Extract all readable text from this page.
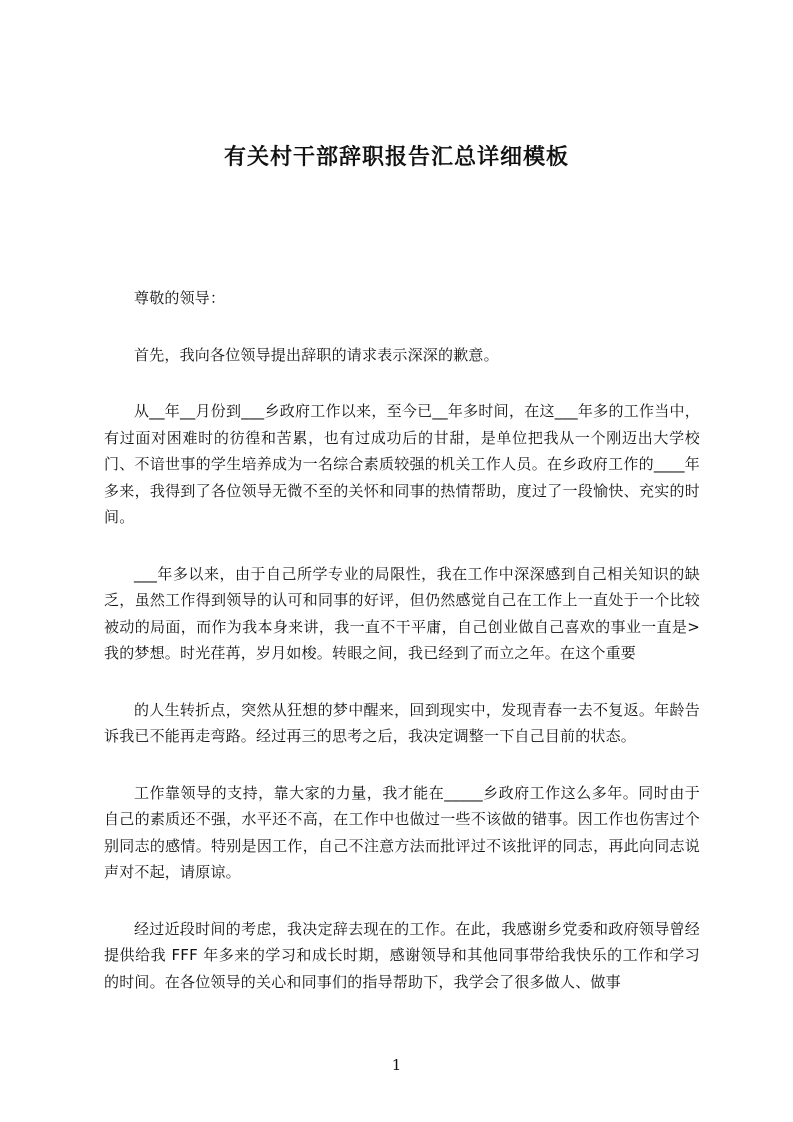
有关村干部辞职报告汇总详细模板

尊敬的领导：

首先，我向各位领导提出辞职的请求表示深深的歉意。

从__年__月份到___乡政府工作以来，至今已__年多时间，在这___年多的工作当中，有过面对困难时的彷徨和苦累，也有过成功后的甘甜，是单位把我从一个刚迈出大学校门、不谙世事的学生培养成为一名综合素质较强的机关工作人员。在乡政府工作的____年多来，我得到了各位领导无微不至的关怀和同事的热情帮助，度过了一段愉快、充实的时间。

___年多以来，由于自己所学专业的局限性，我在工作中深深感到自己相关知识的缺乏，虽然工作得到领导的认可和同事的好评，但仍然感觉自己在工作上一直处于一个比较被动的局面，而作为我本身来讲，我一直不干平庸，自己创业做自己喜欢的事业一直是>我的梦想。时光荏苒，岁月如梭。转眼之间，我已经到了而立之年。在这个重要

的人生转折点，突然从狂想的梦中醒来，回到现实中，发现青春一去不复返。年龄告诉我已不能再走弯路。经过再三的思考之后，我决定调整一下自己目前的状态。

工作靠领导的支持，靠大家的力量，我才能在_____乡政府工作这么多年。同时由于自己的素质还不强，水平还不高，在工作中也做过一些不该做的错事。因工作也伤害过个别同志的感情。特别是因工作，自己不注意方法而批评过不该批评的同志，再此向同志说声对不起，请原谅。

经过近段时间的考虑，我决定辞去现在的工作。在此，我感谢乡党委和政府领导曾经提供给我 FFF 年多来的学习和成长时期，感谢领导和其他同事带给我快乐的工作和学习的时间。在各位领导的关心和同事们的指导帮助下，我学会了很多做人、做事

1
